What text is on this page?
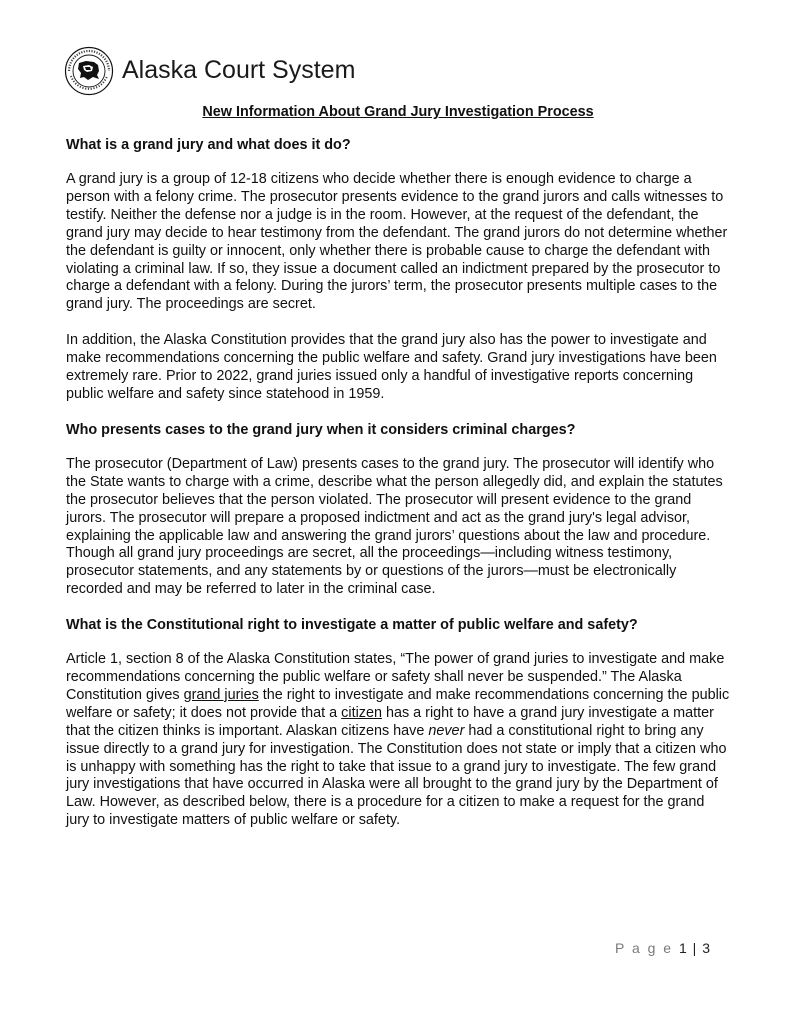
Alaska Court System
New Information About Grand Jury Investigation Process
What is a grand jury and what does it do?

A grand jury is a group of 12-18 citizens who decide whether there is enough evidence to charge a person with a felony crime. The prosecutor presents evidence to the grand jurors and calls witnesses to testify. Neither the defense nor a judge is in the room. However, at the request of the defendant, the grand jury may decide to hear testimony from the defendant. The grand jurors do not determine whether the defendant is guilty or innocent, only whether there is probable cause to charge the defendant with violating a criminal law. If so, they issue a document called an indictment prepared by the prosecutor to charge a defendant with a felony. During the jurors’ term, the prosecutor presents multiple cases to the grand jury. The proceedings are secret.

In addition, the Alaska Constitution provides that the grand jury also has the power to investigate and make recommendations concerning the public welfare and safety. Grand jury investigations have been extremely rare. Prior to 2022, grand juries issued only a handful of investigative reports concerning public welfare and safety since statehood in 1959.

Who presents cases to the grand jury when it considers criminal charges?

The prosecutor (Department of Law) presents cases to the grand jury. The prosecutor will identify who the State wants to charge with a crime, describe what the person allegedly did, and explain the statutes the prosecutor believes that the person violated. The prosecutor will present evidence to the grand jurors. The prosecutor will prepare a proposed indictment and act as the grand jury's legal advisor, explaining the applicable law and answering the grand jurors’ questions about the law and procedure. Though all grand jury proceedings are secret, all the proceedings—including witness testimony, prosecutor statements, and any statements by or questions of the jurors—must be electronically recorded and may be referred to later in the criminal case.

What is the Constitutional right to investigate a matter of public welfare and safety?

Article 1, section 8 of the Alaska Constitution states, “The power of grand juries to investigate and make recommendations concerning the public welfare or safety shall never be suspended.” The Alaska Constitution gives grand juries the right to investigate and make recommendations concerning the public welfare or safety; it does not provide that a citizen has a right to have a grand jury investigate a matter that the citizen thinks is important. Alaskan citizens have never had a constitutional right to bring any issue directly to a grand jury for investigation. The Constitution does not state or imply that a citizen who is unhappy with something has the right to take that issue to a grand jury to investigate. The few grand jury investigations that have occurred in Alaska were all brought to the grand jury by the Department of Law. However, as described below, there is a procedure for a citizen to make a request for the grand jury to investigate matters of public welfare or safety.

P a g e 1 | 3
